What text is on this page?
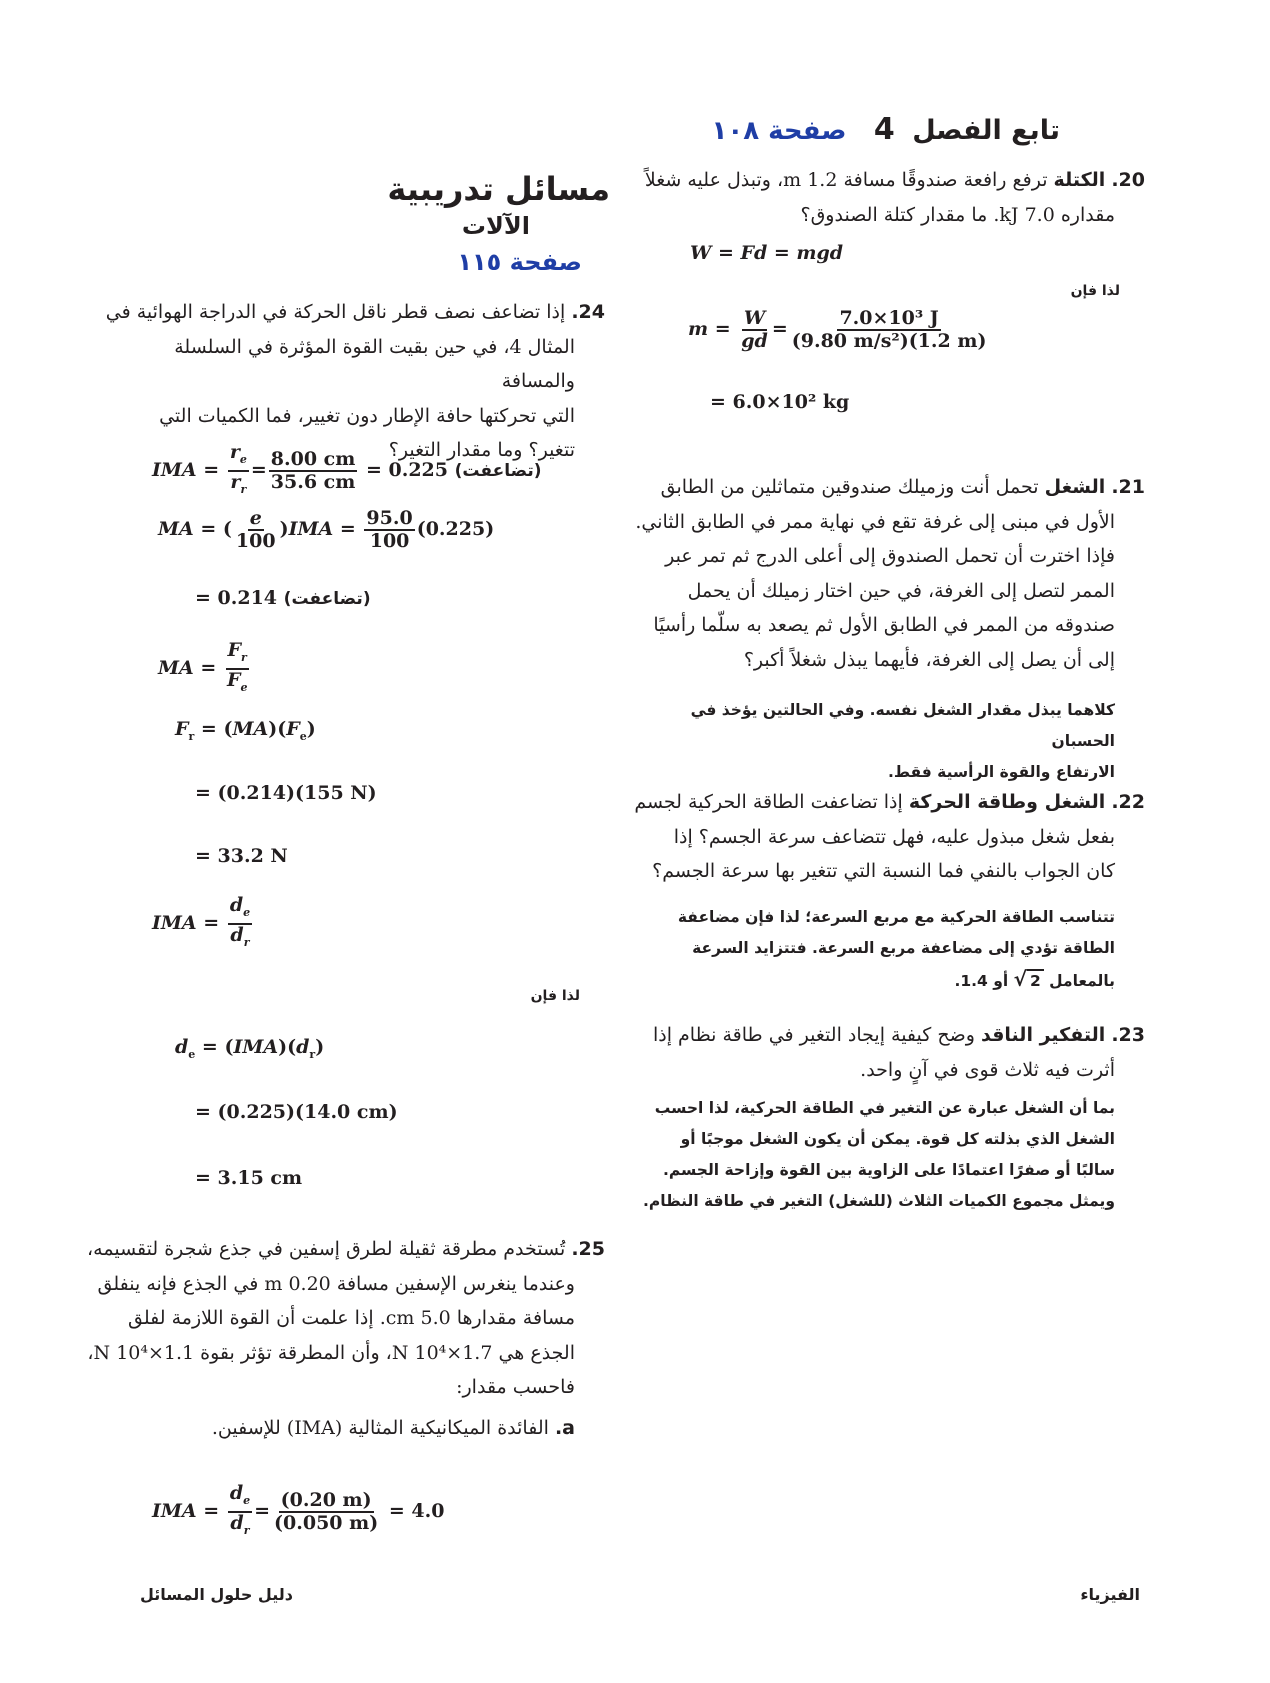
تابع الفصل 4 صفحة ١٠٨
20. الكتلة ترفع رافعة صندوقًا مسافة 1.2 m، وتبذل عليه شغلاً
مقداره 7.0 kJ. ما مقدار كتلة الصندوق؟
W = Fd = mgd
لذا فإن
$m = \frac{W}{gd} = \frac{\text{7.0×10³ J}}{\text{(9.80 m/s²)(1.2 m)}}$
= 6.0×10² kg
21. الشغل تحمل أنت وزميلك صندوقين متماثلين من الطابق
الأول في مبنى إلى غرفة تقع في نهاية ممر في الطابق الثاني.
فإذا اخترت أن تحمل الصندوق إلى أعلى الدرج ثم تمر عبر
الممر لتصل إلى الغرفة، في حين اختار زميلك أن يحمل
صندوقه من الممر في الطابق الأول ثم يصعد به سلّما رأسيًا
إلى أن يصل إلى الغرفة، فأيهما يبذل شغلاً أكبر؟
كلاهما يبذل مقدار الشغل نفسه. وفي الحالتين يؤخذ في الحسبان
الارتفاع والقوة الرأسية فقط.
22. الشغل وطاقة الحركة إذا تضاعفت الطاقة الحركية لجسم
بفعل شغل مبذول عليه، فهل تتضاعف سرعة الجسم؟ إذا
كان الجواب بالنفي فما النسبة التي تتغير بها سرعة الجسم؟
تتناسب الطاقة الحركية مع مربع السرعة؛ لذا فإن مضاعفة
الطاقة تؤدي إلى مضاعفة مربع السرعة. فتتزايد السرعة
بالمعامل √ 2 أو 1.4.
23. التفكير الناقد وضح كيفية إيجاد التغير في طاقة نظام إذا
أثرت فيه ثلاث قوى في آنٍ واحد.
بما أن الشغل عبارة عن التغير في الطاقة الحركية، لذا احسب
الشغل الذي بذلته كل قوة. يمكن أن يكون الشغل موجبًا أو
سالبًا أو صفرًا اعتمادًا على الزاوية بين القوة وإزاحة الجسم.
ويمثل مجموع الكميات الثلاث (للشغل) التغير في طاقة النظام.
مسائل تدريبية
الآلات
صفحة ١١٥
24. إذا تضاعف نصف قطر ناقل الحركة في الدراجة الهوائية في
المثال 4، في حين بقيت القوة المؤثرة في السلسلة والمسافة
التي تحركتها حافة الإطار دون تغيير، فما الكميات التي
تتغير؟ وما مقدار التغير؟
IMA = $\frac{r_e}{r_r} = \frac{8.00 cm}{35.6 cm} = 0.225$ (تضاعفت)
MA = ( $\frac{e}{100} )IMA = \frac{95.0}{100} (0.225)$
= 0.214 (تضاعفت)
MA = $\frac{F_r}{F_e}$
$F_r = (MA)(F_e)$
= (0.214)(155 N)
= 33.2 N
IMA = $\frac{d_e}{d_r}$
لذا فإن
$d_e = (IMA)(d_r)$
= (0.225)(14.0 cm)
= 3.15 cm
25. تُستخدم مطرقة ثقيلة لطرق إسفين في جذع شجرة لتقسيمه،
وعندما ينغرس الإسفين مسافة 0.20 m في الجذع فإنه ينفلق
مسافة مقدارها 5.0 cm. إذا علمت أن القوة اللازمة لفلق
الجذع هي 1.7×10⁴ N، وأن المطرقة تؤثر بقوة 1.1×10⁴ N،
فاحسب مقدار:
a. الفائدة الميكانيكية المثالية (IMA) للإسفين.
IMA = $\frac{d_e}{d_r} = \frac{(0.20 m)}{(0.050 m)} = 4.0$
دليل حلول المسائل	الفيزياء
